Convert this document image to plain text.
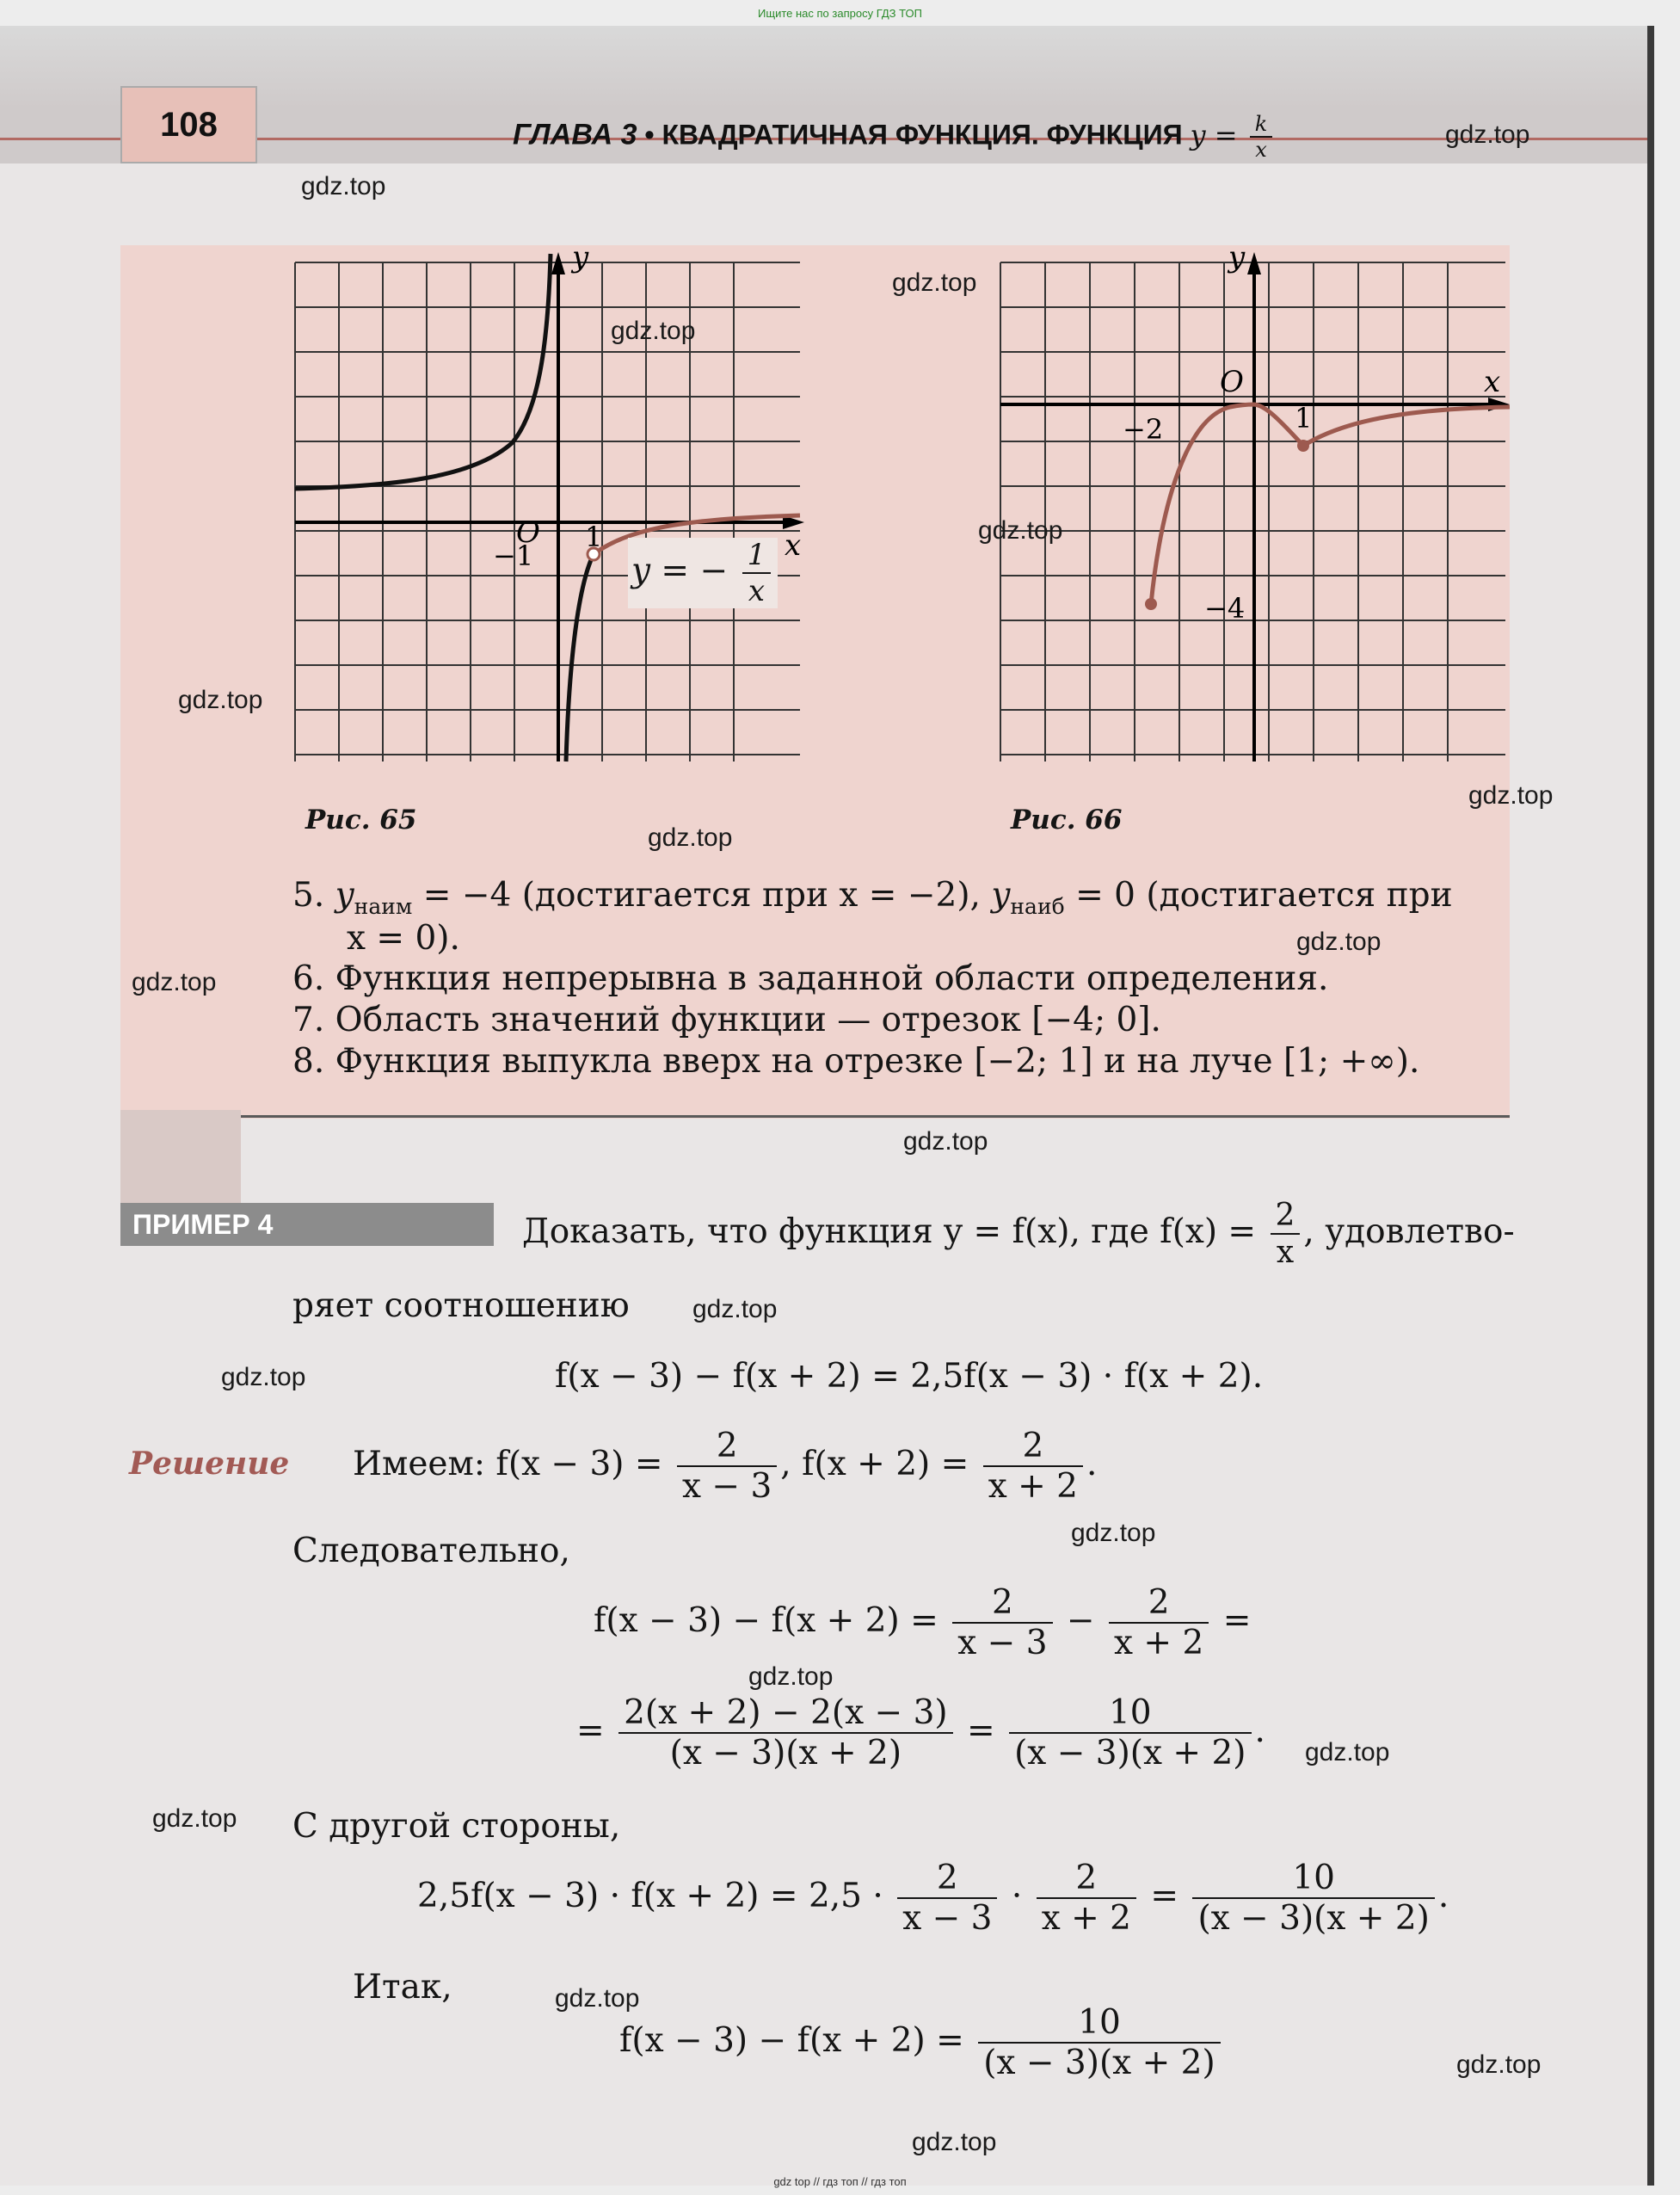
Ищите нас по запросу ГДЗ ТОП
108	ГЛАВА 3 • КВАДРАТИЧНАЯ ФУНКЦИЯ. ФУНКЦИЯ $y = \frac{k}{x}$
O	x
y
1
−1	y = − $\frac{1}{x}$
Рис. 65
O	x
y
−2	1
−4
Рис. 66
5. $y_{наим} = -4$ (достигается при x = −2), $y_{наиб} = 0$ (достигается при
x = 0).
6. Функция непрерывна в заданной области определения.
7. Область значений функции — отрезок [−4; 0].
8. Функция выпукла вверх на отрезке [−2; 1] и на луче [1; +∞).
ПРИМЕР 4	Доказать, что функция y = f(x), где $f(x) = \frac{2}{x}$ , удовлетво-
ряет соотношению
f(x − 3) − f(x + 2) = 2,5f(x − 3) · f(x + 2).
Решение Имеем: $f(x - 3) = \frac{2}{x - 3}$ , $f(x + 2) = \frac{2}{x + 2}$ .
Следовательно,
$f(x - 3) - f(x + 2) = \frac{2}{x - 3} - \frac{2}{x + 2}$ =
= $\frac{2(x + 2) - 2(x - 3)}{(x - 3)(x + 2)} = \frac{10}{(x - 3)(x + 2)}$ .
С другой стороны,
$2,5f(x - 3) \cdot f(x + 2) = 2,5 \cdot \frac{2}{x - 3} \cdot \frac{2}{x + 2} = \frac{10}{(x - 3)(x + 2)}$ .
Итак,
$f(x - 3) - f(x + 2) = \frac{10}{(x - 3)(x + 2)}$
gdz.top
gdz.top
gdz.top
gdz.top
gdz.top
gdz.top
gdz.top
gdz.top
gdz.top
gdz.top
gdz.top
gdz.top
gdz.top
gdz.top
gdz.top
gdz.top
gdz.top
gdz.top
gdz.top
gdz.top
gdz top // гдз топ // гдз топ
